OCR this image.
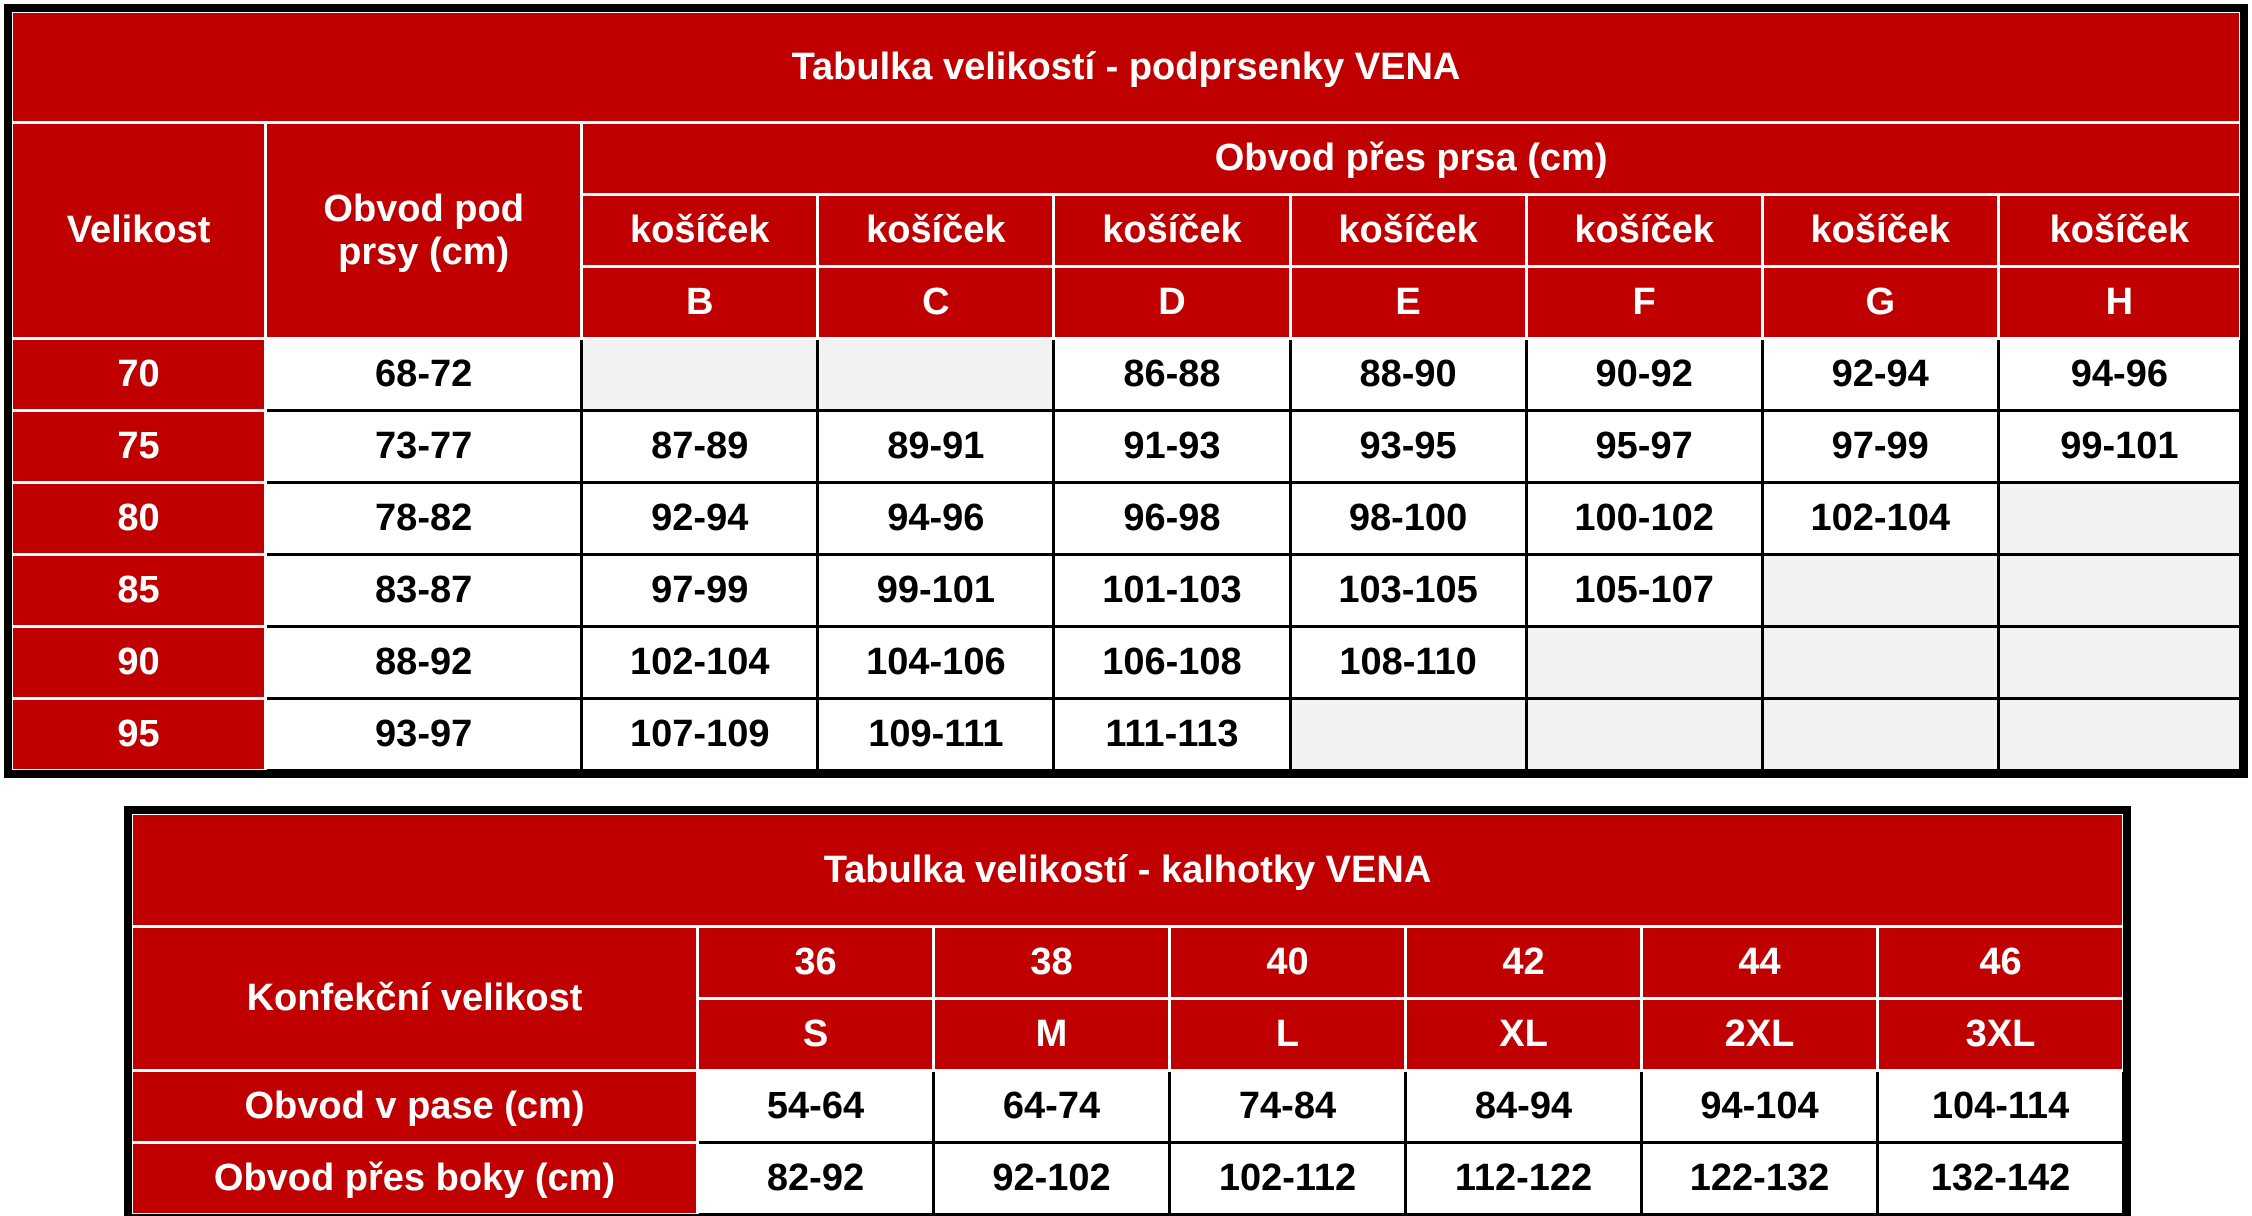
Tabulka velikostí - podprsenky VENA								
Velikost	Obvod pod prsy (cm)	Obvod přes prsa (cm)						
		košíček	košíček	košíček	košíček	košíček	košíček	košíček
		B	C	D	E	F	G	H
70	68-72			86-88	88-90	90-92	92-94	94-96
75	73-77	87-89	89-91	91-93	93-95	95-97	97-99	99-101
80	78-82	92-94	94-96	96-98	98-100	100-102	102-104	
85	83-87	97-99	99-101	101-103	103-105	105-107		
90	88-92	102-104	104-106	106-108	108-110			
95	93-97	107-109	109-111	111-113				
Tabulka velikostí - kalhotky VENA						
Konfekční velikost	36	38	40	42	44	46
	S	M	L	XL	2XL	3XL
Obvod v pase (cm)	54-64	64-74	74-84	84-94	94-104	104-114
Obvod přes boky (cm)	82-92	92-102	102-112	112-122	122-132	132-142
